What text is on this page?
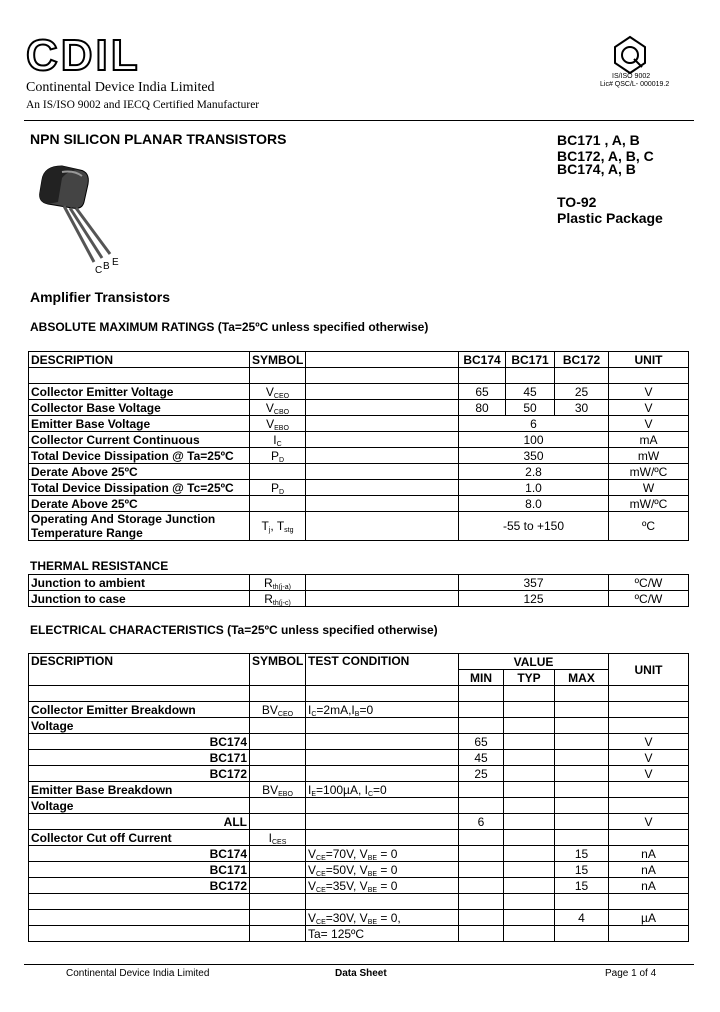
CDIL
Continental Device India Limited
An IS/ISO 9002 and IECQ Certified Manufacturer
IS/ISO 9002
Lic# QSC/L- 000019.2
NPN SILICON PLANAR TRANSISTORS	BC171 , A, B
BC172, A, B, C
BC174, A, B
TO-92
Plastic Package
C B E
Amplifier Transistors
ABSOLUTE MAXIMUM RATINGS (Ta=25ºC unless specified otherwise)
DESCRIPTION	SYMBOL		BC174	BC171	BC172	UNIT

Collector Emitter Voltage	$V_{CEO}$		65	45	25	V
Collector Base Voltage	$V_{CBO}$		80	50	30	V
Emitter Base Voltage	$V_{EBO}$		6			V
Collector Current Continuous	$I_C$		100			mA
Total Device Dissipation @ Ta=25ºC	$P_D$		350			mW
Derate Above 25ºC			2.8			mW/ºC
Total Device Dissipation @ Tc=25ºC	$P_D$		1.0			W
Derate Above 25ºC			8.0			mW/ºC
Operating And Storage Junction
Temperature Range	$T_j$, $T_{stg}$		-55 to +150			ºC
THERMAL RESISTANCE
Junction to ambient	$R_{th(j-a)}$		357	ºC/W
Junction to case	$R_{th(j-c)}$		125	ºC/W
ELECTRICAL CHARACTERISTICS (Ta=25ºC unless specified otherwise)
DESCRIPTION	SYMBOL	TEST CONDITION	VALUE			UNIT
			MIN	TYP	MAX	

Collector Emitter Breakdown	$BV_{CEO}$	$I_C=2mA,I_B=0$				
Voltage						
BC174			65			V
BC171			45			V
BC172			25			V
Emitter Base Breakdown	$BV_{EBO}$	$I_E=100\mu A$, $I_C=0$				
Voltage						
ALL			6			V
Collector Cut off Current	$I_{CES}$					
BC174		$V_{CE}=70V$, $V_{BE} = 0$			15	nA
BC171		$V_{CE}=50V$, $V_{BE} = 0$			15	nA
BC172		$V_{CE}=35V$, $V_{BE} = 0$			15	nA

		$V_{CE}=30V$, $V_{BE} = 0$,			4	µA
		Ta= 125ºC				
Continental Device India Limited	Data Sheet	Page 1 of 4
